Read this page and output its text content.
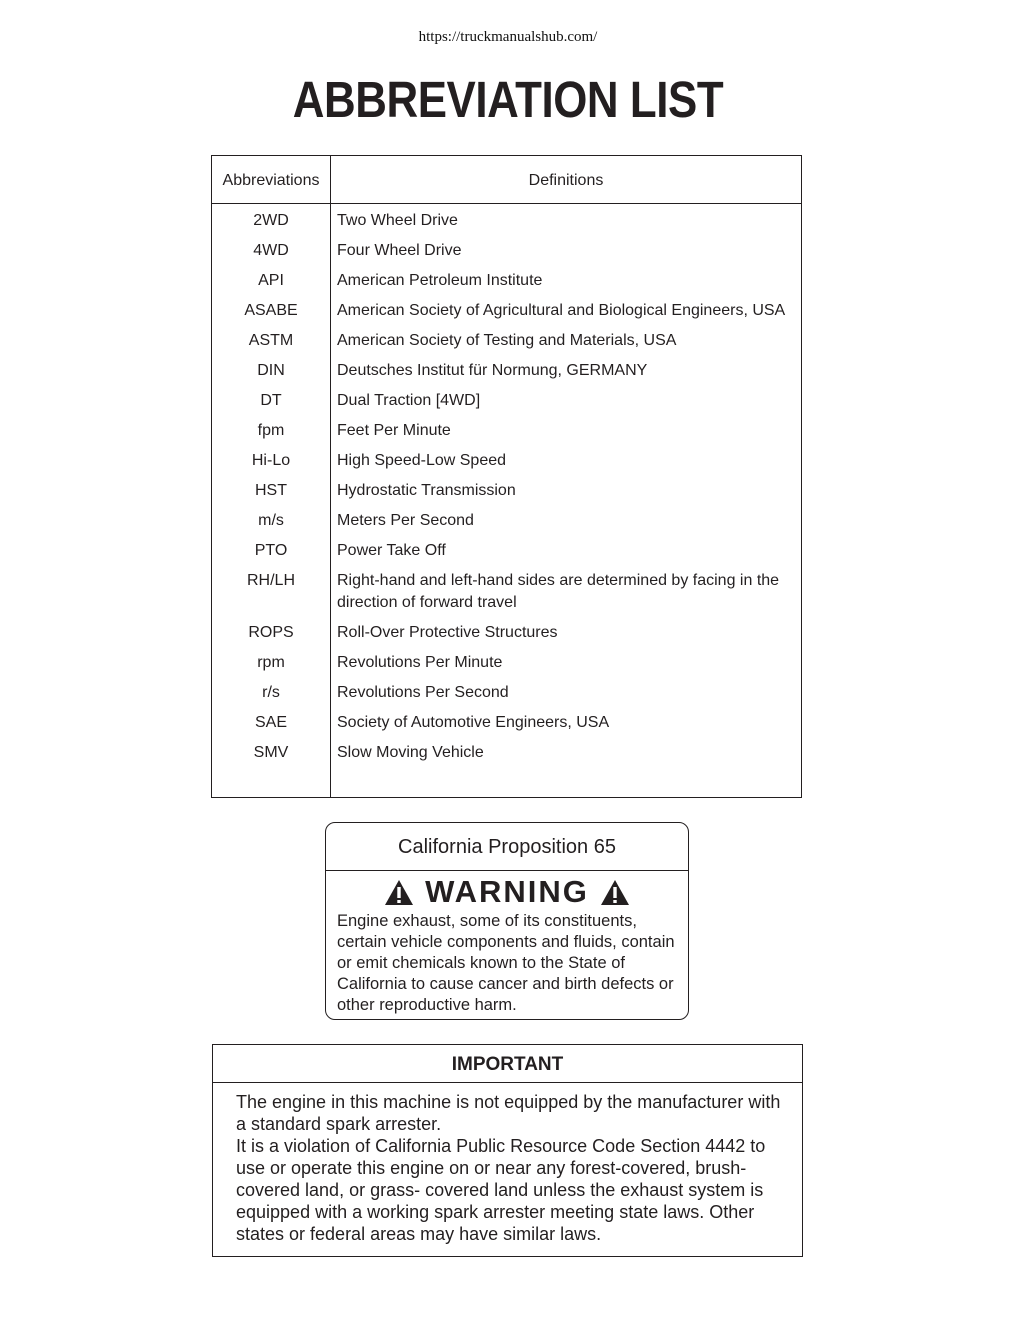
https://truckmanualshub.com/
ABBREVIATION LIST
Abbreviations	Definitions
2WD	Two Wheel Drive
4WD	Four Wheel Drive
API	American Petroleum Institute
ASABE	American Society of Agricultural and Biological Engineers, USA
ASTM	American Society of Testing and Materials, USA
DIN	Deutsches Institut für Normung, GERMANY
DT	Dual Traction [4WD]
fpm	Feet Per Minute
Hi-Lo	High Speed-Low Speed
HST	Hydrostatic Transmission
m/s	Meters Per Second
PTO	Power Take Off
RH/LH	Right-hand and left-hand sides are determined by facing in the direction of forward travel
ROPS	Roll-Over Protective Structures
rpm	Revolutions Per Minute
r/s	Revolutions Per Second
SAE	Society of Automotive Engineers, USA
SMV	Slow Moving Vehicle
California Proposition 65
WARNING
Engine exhaust, some of its constituents, certain vehicle components and fluids, contain or emit chemicals known to the State of California to cause cancer and birth defects or other reproductive harm.
IMPORTANT
The engine in this machine is not equipped by the manufacturer with a standard spark arrester.
It is a violation of California Public Resource Code Section 4442 to use or operate this engine on or near any forest-covered, brush-covered land, or grass- covered land unless the exhaust system is equipped with a working spark arrester meeting state laws. Other states or federal areas may have similar laws.
